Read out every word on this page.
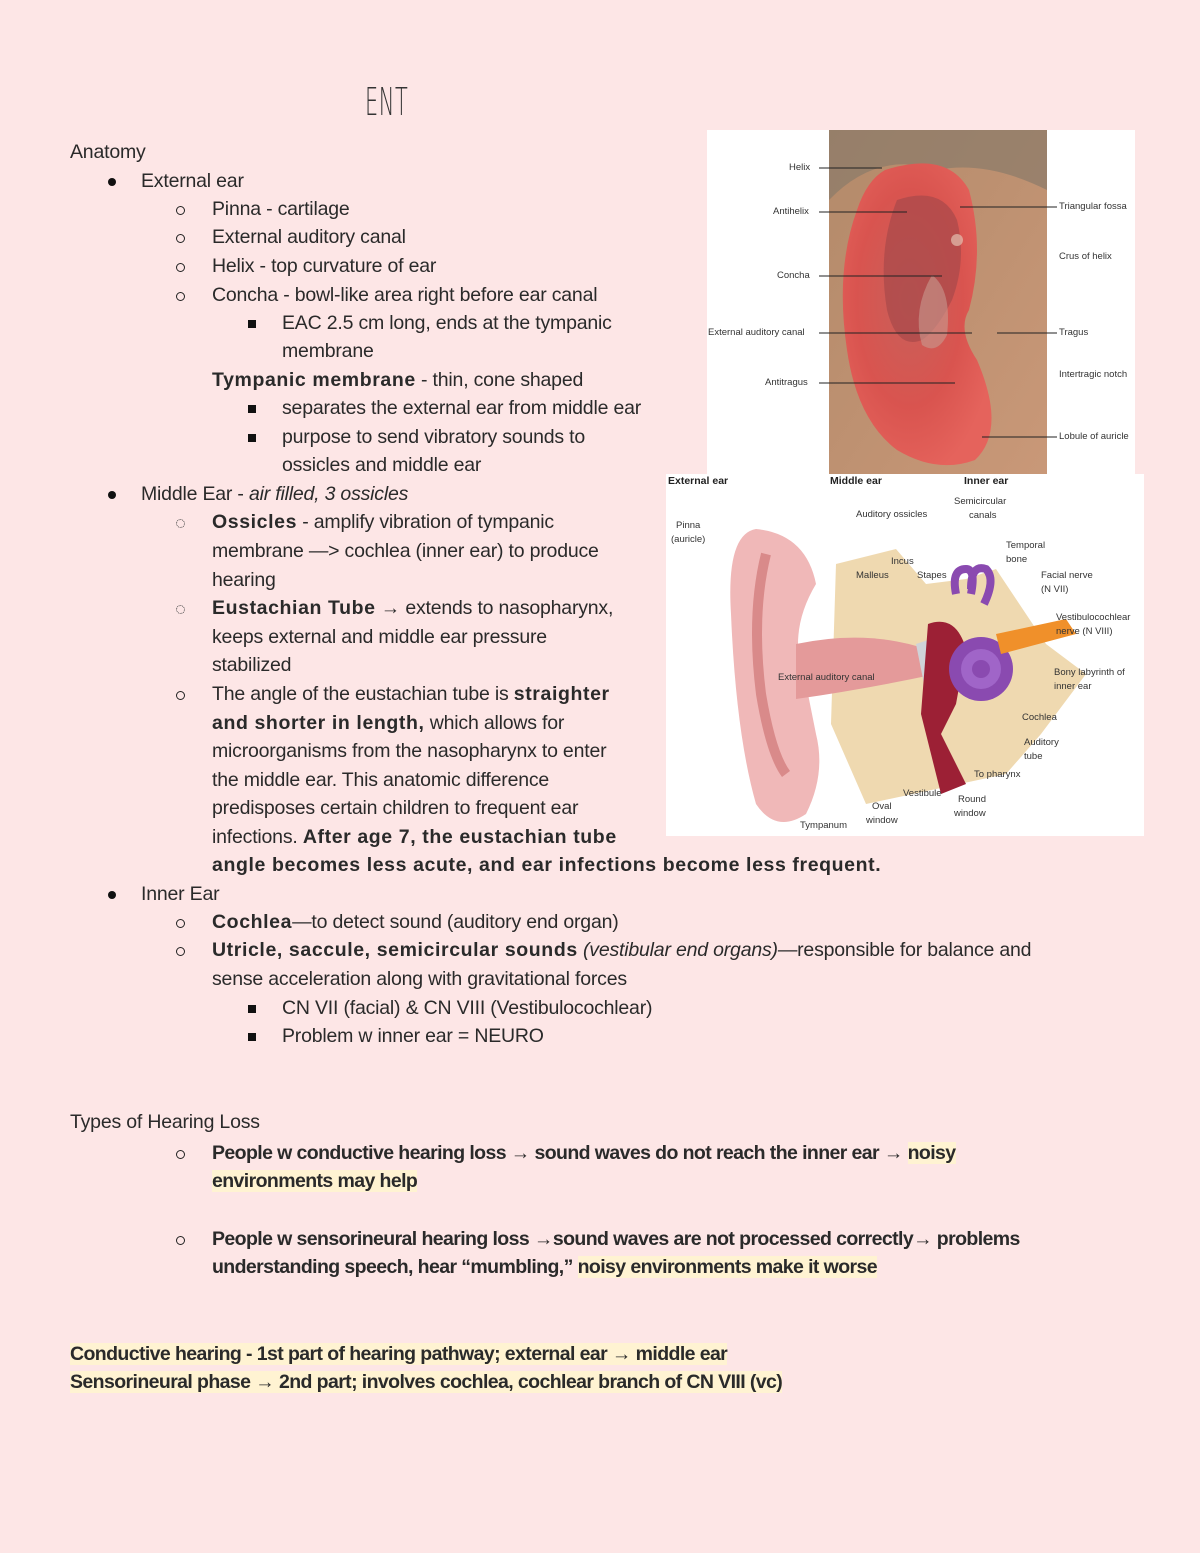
ENT
Anatomy
External ear
Pinna - cartilage
External auditory canal
Helix - top curvature of ear
Concha - bowl-like area right before ear canal
EAC 2.5 cm long, ends at the tympanic
membrane
Tympanic membrane - thin, cone shaped
separates the external ear from middle ear
purpose to send vibratory sounds to
ossicles and middle ear
Middle Ear - air filled, 3 ossicles
Ossicles - amplify vibration of tympanic
membrane —> cochlea (inner ear) to produce
hearing
Eustachian Tube → extends to nasopharynx,
keeps external and middle ear pressure
stabilized
The angle of the eustachian tube is straighter
and shorter in length, which allows for
microorganisms from the nasopharynx to enter
the middle ear. This anatomic difference
predisposes certain children to frequent ear
infections. After age 7, the eustachian tube
angle becomes less acute, and ear infections become less frequent.
Inner Ear
Cochlea—to detect sound (auditory end organ)
Utricle, saccule, semicircular sounds (vestibular end organs)—responsible for balance and
sense acceleration along with gravitational forces
CN VII (facial) & CN VIII (Vestibulocochlear)
Problem w inner ear = NEURO
Types of Hearing Loss
People w conductive hearing loss → sound waves do not reach the inner ear → noisy
environments may help
People w sensorineural hearing loss →sound waves are not processed correctly→ problems
understanding speech, hear “mumbling,” noisy environments make it worse
Conductive hearing - 1st part of hearing pathway; external ear → middle ear
Sensorineural phase → 2nd part; involves cochlea, cochlear branch of CN VIII (vc)
Helix
Antihelix
Concha
External auditory canal
Antitragus
Triangular fossa
Crus of helix
Tragus
Intertragic notch
Lobule of auricle
External ear	Middle ear	Inner ear
Pinna
(auricle)
Auditory ossicles
Incus
Malleus	Stapes
Semicircular
canals
Temporal
bone
Facial nerve
(N VII)
Vestibulocochlear
nerve (N VIII)
Bony labyrinth of
inner ear
External auditory canal
Cochlea
Auditory
tube
To pharynx
Vestibule
Round
window
Oval
window
Tympanum
